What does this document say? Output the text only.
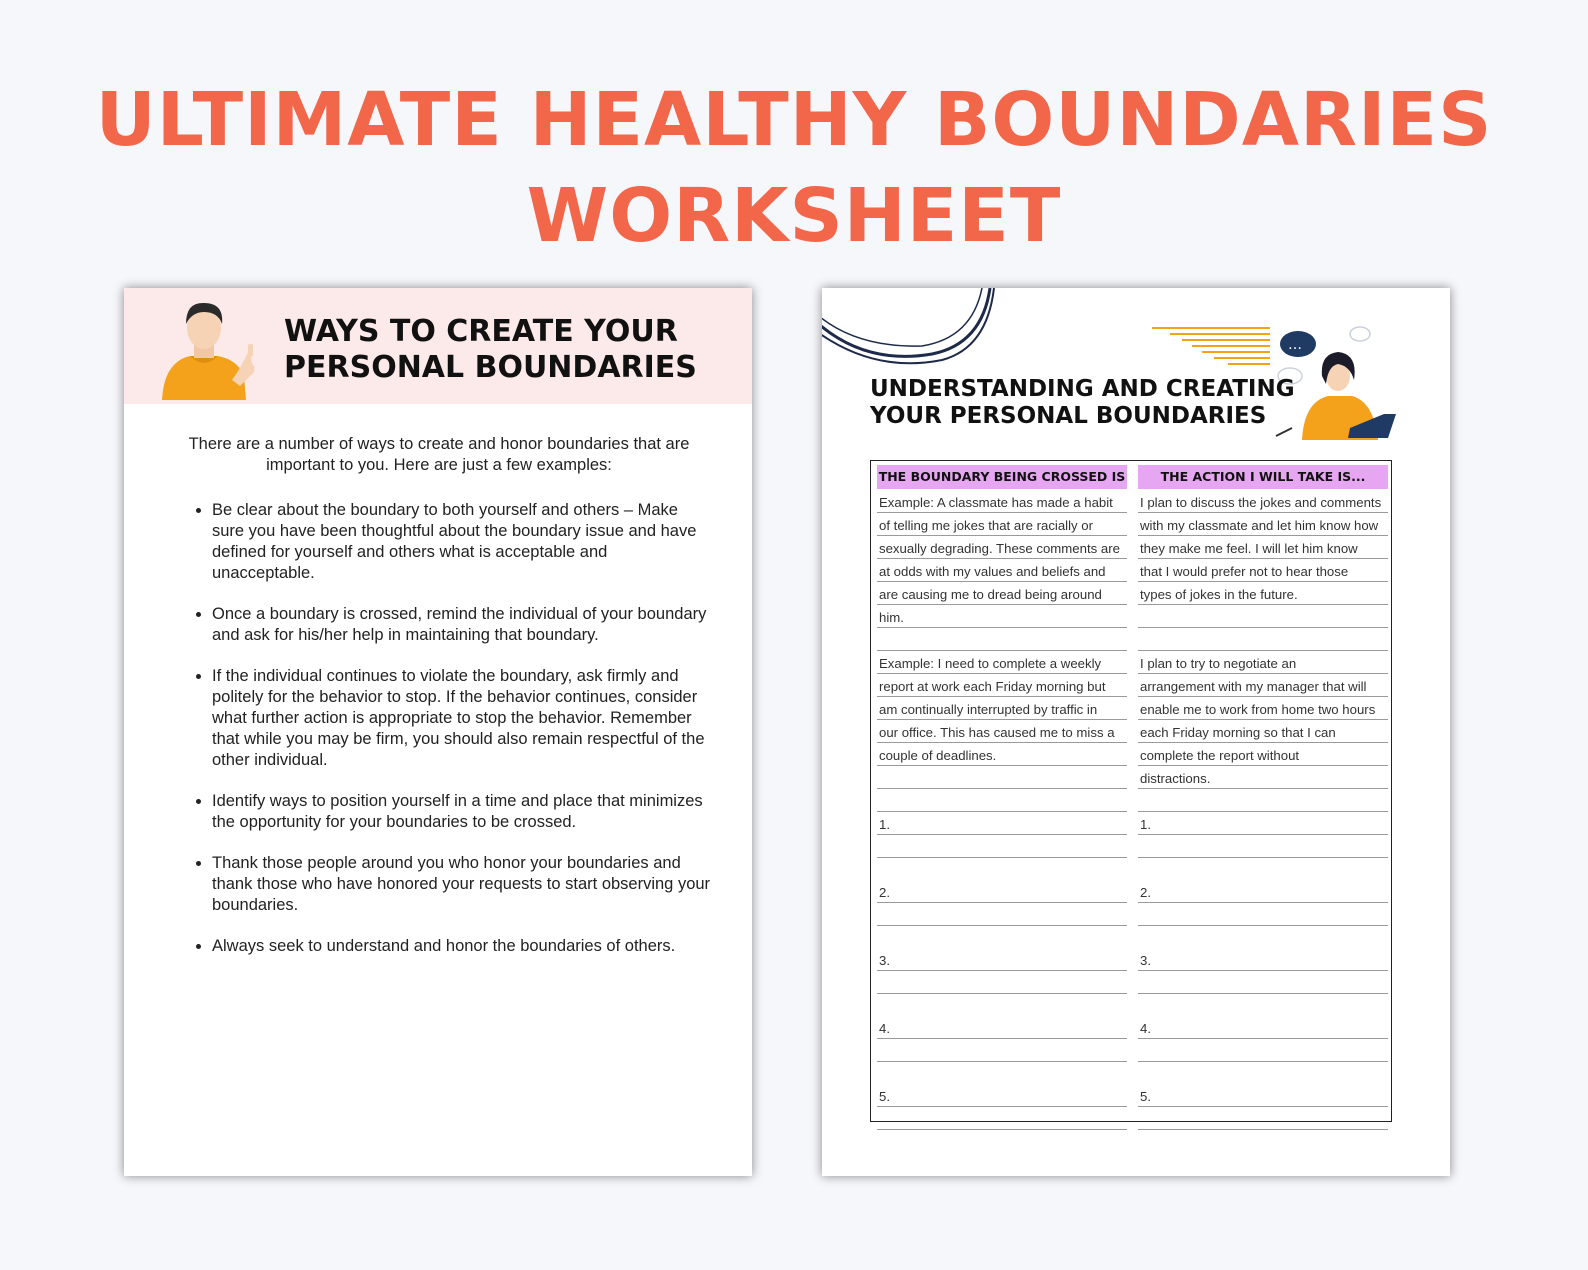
ULTIMATE HEALTHY BOUNDARIES
WORKSHEET
WAYS TO CREATE YOUR
PERSONAL BOUNDARIES
There are a number of ways to create and honor boundaries that are
important to you. Here are just a few examples:
• Be clear about the boundary to both yourself and others – Make sure you have been thoughtful about the boundary issue and have defined for yourself and others what is acceptable and unacceptable.
• Once a boundary is crossed, remind the individual of your boundary and ask for his/her help in maintaining that boundary.
• If the individual continues to violate the boundary, ask firmly and politely for the behavior to stop. If the behavior continues, consider what further action is appropriate to stop the behavior. Remember that while you may be firm, you should also remain respectful of the other individual.
• Identify ways to position yourself in a time and place that minimizes the opportunity for your boundaries to be crossed.
• Thank those people around you who honor your boundaries and thank those who have honored your requests to start observing your boundaries.
• Always seek to understand and honor the boundaries of others.
…
UNDERSTANDING AND CREATING
YOUR PERSONAL BOUNDARIES
THE BOUNDARY BEING CROSSED IS
Example: A classmate has made a habit
of telling me jokes that are racially or
sexually degrading. These comments are
at odds with my values and beliefs and
are causing me to dread being around
him.
Example: I need to complete a weekly
report at work each Friday morning but
am continually interrupted by traffic in
our office. This has caused me to miss a
couple of deadlines.
1.
2.
3.
4.
5.
THE ACTION I WILL TAKE IS...
I plan to discuss the jokes and comments
with my classmate and let him know how
they make me feel. I will let him know
that I would prefer not to hear those
types of jokes in the future.
I plan to try to negotiate an
arrangement with my manager that will
enable me to work from home two hours
each Friday morning so that I can
complete the report without
distractions.
1.
2.
3.
4.
5.
